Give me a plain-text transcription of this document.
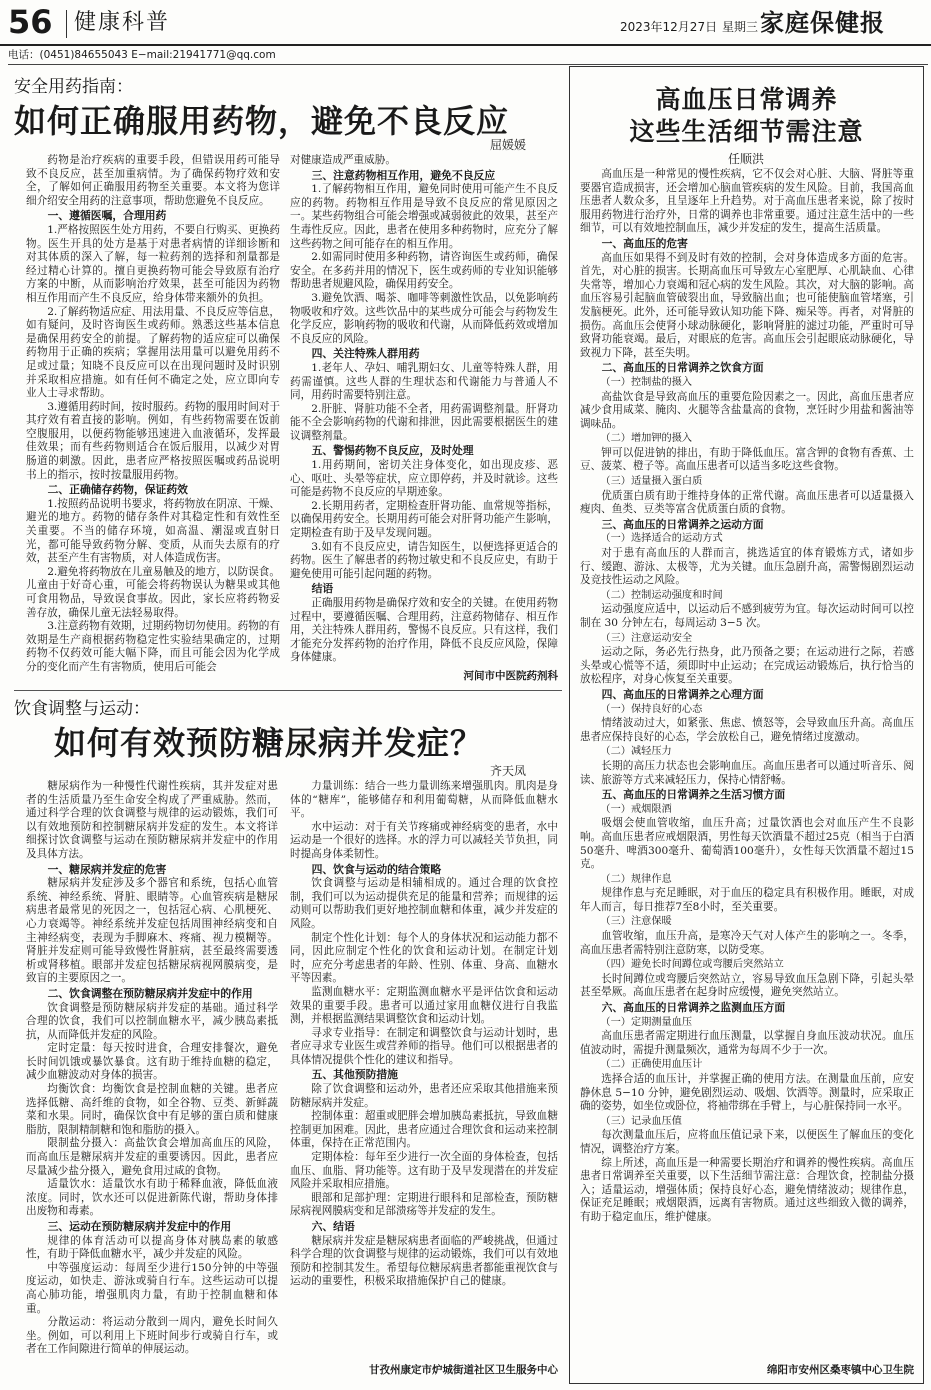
56 健康科普	2023年12月27日 星期三 家庭保健报
电话：(0451)84655043 E−mail:21941771@qq.com
安全用药指南：
如何正确服用药物，避免不良反应
屈媛媛

药物是治疗疾病的重要手段，但错误用药可能导致不良反应，甚至加重病情。为了确保药物疗效和安全，了解如何正确服用药物至关重要。本文将为您详细介绍安全用药的注意事项，帮助您避免不良反应。

一、遵循医嘱，合理用药

1.严格按照医生处方用药，不要自行购买、更换药物。医生开具的处方是基于对患者病情的详细诊断和对其体质的深入了解，每一粒药剂的选择和剂量都是经过精心计算的。擅自更换药物可能会导致原有治疗方案的中断，从而影响治疗效果，甚至可能因为药物相互作用而产生不良反应，给身体带来额外的负担。

2.了解药物适应症、用法用量、不良反应等信息，如有疑问，及时咨询医生或药师。熟悉这些基本信息是确保用药安全的前提。了解药物的适应症可以确保药物用于正确的疾病；掌握用法用量可以避免用药不足或过量；知晓不良反应可以在出现问题时及时识别并采取相应措施。如有任何不确定之处，应立即向专业人士寻求帮助。

3.遵循用药时间，按时服药。药物的服用时间对于其疗效有着直接的影响。例如，有些药物需要在饭前空腹服用，以便药物能够迅速进入血液循环，发挥最佳效果；而有些药物则适合在饭后服用，以减少对胃肠道的刺激。因此，患者应严格按照医嘱或药品说明书上的指示，按时按量服用药物。

二、正确储存药物，保证药效

1.按照药品说明书要求，将药物放在阴凉、干燥、避光的地方。药物的储存条件对其稳定性和有效性至关重要。不当的储存环境，如高温、潮湿或直射日光，都可能导致药物分解、变质，从而失去原有的疗效，甚至产生有害物质，对人体造成伤害。

2.避免将药物放在儿童易触及的地方，以防误食。儿童由于好奇心重，可能会将药物误认为糖果或其他可食用物品，导致误食事故。因此，家长应将药物妥善存放，确保儿童无法轻易取得。

3.注意药物有效期，过期药物切勿使用。药物的有效期是生产商根据药物稳定性实验结果确定的，过期药物不仅药效可能大幅下降，而且可能会因为化学成分的变化而产生有害物质，使用后可能会

对健康造成严重威胁。

三、注意药物相互作用，避免不良反应

1.了解药物相互作用，避免同时使用可能产生不良反应的药物。药物相互作用是导致不良反应的常见原因之一。某些药物组合可能会增强或减弱彼此的效果，甚至产生毒性反应。因此，患者在使用多种药物时，应充分了解这些药物之间可能存在的相互作用。

2.如需同时使用多种药物，请咨询医生或药师，确保安全。在多药并用的情况下，医生或药师的专业知识能够帮助患者规避风险，确保用药安全。

3.避免饮酒、喝茶、咖啡等刺激性饮品，以免影响药物吸收和疗效。这些饮品中的某些成分可能会与药物发生化学反应，影响药物的吸收和代谢，从而降低药效或增加不良反应的风险。

四、关注特殊人群用药

1.老年人、孕妇、哺乳期妇女、儿童等特殊人群，用药需谨慎。这些人群的生理状态和代谢能力与普通人不同，用药时需要特别注意。

2.肝脏、肾脏功能不全者，用药需调整剂量。肝肾功能不全会影响药物的代谢和排泄，因此需要根据医生的建议调整剂量。

五、警惕药物不良反应，及时处理

1.用药期间，密切关注身体变化，如出现皮疹、恶心、呕吐、头晕等症状，应立即停药，并及时就诊。这些可能是药物不良反应的早期迹象。

2.长期用药者，定期检查肝肾功能、血常规等指标，以确保用药安全。长期用药可能会对肝肾功能产生影响，定期检查有助于及早发现问题。

3.如有不良反应史，请告知医生，以便选择更适合的药物。医生了解患者的药物过敏史和不良反应史，有助于避免使用可能引起问题的药物。

结语

正确服用药物是确保疗效和安全的关键。在使用药物过程中，要遵循医嘱、合理用药，注意药物储存、相互作用，关注特殊人群用药，警惕不良反应。只有这样，我们才能充分发挥药物的治疗作用，降低不良反应风险，保障身体健康。

河间市中医院药剂科
饮食调整与运动：
如何有效预防糖尿病并发症？
齐天凤

糖尿病作为一种慢性代谢性疾病，其并发症对患者的生活质量乃至生命安全构成了严重威胁。然而，通过科学合理的饮食调整与规律的运动锻炼，我们可以有效地预防和控制糖尿病并发症的发生。本文将详细探讨饮食调整与运动在预防糖尿病并发症中的作用及具体方法。

一、糖尿病并发症的危害

糖尿病并发症涉及多个器官和系统，包括心血管系统、神经系统、肾脏、眼睛等。心血管疾病是糖尿病患者最常见的死因之一，包括冠心病、心肌梗死、心力衰竭等。神经系统并发症包括周围神经病变和自主神经病变，表现为手脚麻木、疼痛、视力模糊等。肾脏并发症则可能导致慢性肾脏病，甚至最终需要透析或肾移植。眼部并发症包括糖尿病视网膜病变，是致盲的主要原因之一。

二、饮食调整在预防糖尿病并发症中的作用

饮食调整是预防糖尿病并发症的基础。通过科学合理的饮食，我们可以控制血糖水平，减少胰岛素抵抗，从而降低并发症的风险。

定时定量：每天按时进食，合理安排餐次，避免长时间饥饿或暴饮暴食。这有助于维持血糖的稳定，减少血糖波动对身体的损害。

均衡饮食：均衡饮食是控制血糖的关键。患者应选择低糖、高纤维的食物，如全谷物、豆类、新鲜蔬菜和水果。同时，确保饮食中有足够的蛋白质和健康脂肪，限制精制糖和饱和脂肪的摄入。

限制盐分摄入：高盐饮食会增加高血压的风险，而高血压是糖尿病并发症的重要诱因。因此，患者应尽量减少盐分摄入，避免食用过咸的食物。

适量饮水：适量饮水有助于稀释血液，降低血液浓度。同时，饮水还可以促进新陈代谢，帮助身体排出废物和毒素。

三、运动在预防糖尿病并发症中的作用

规律的体育活动可以提高身体对胰岛素的敏感性，有助于降低血糖水平，减少并发症的风险。

中等强度运动：每周至少进行150分钟的中等强度运动，如快走、游泳或骑自行车。这些运动可以提高心肺功能，增强肌肉力量，有助于控制血糖和体重。

分散运动：将运动分散到一周内，避免长时间久坐。例如，可以利用上下班时间步行或骑自行车，或者在工作间隙进行简单的伸展运动。

力量训练：结合一些力量训练来增强肌肉。肌肉是身体的“糖库”，能够储存和利用葡萄糖，从而降低血糖水平。

水中运动：对于有关节疼痛或神经病变的患者，水中运动是一个很好的选择。水的浮力可以减轻关节负担，同时提高身体柔韧性。

四、饮食与运动的结合策略

饮食调整与运动是相辅相成的。通过合理的饮食控制，我们可以为运动提供充足的能量和营养；而规律的运动则可以帮助我们更好地控制血糖和体重，减少并发症的风险。

制定个性化计划：每个人的身体状况和运动能力都不同，因此应制定个性化的饮食和运动计划。在制定计划时，应充分考虑患者的年龄、性别、体重、身高、血糖水平等因素。

监测血糖水平：定期监测血糖水平是评估饮食和运动效果的重要手段。患者可以通过家用血糖仪进行自我监测，并根据监测结果调整饮食和运动计划。

寻求专业指导：在制定和调整饮食与运动计划时，患者应寻求专业医生或营养师的指导。他们可以根据患者的具体情况提供个性化的建议和指导。

五、其他预防措施

除了饮食调整和运动外，患者还应采取其他措施来预防糖尿病并发症。

控制体重：超重或肥胖会增加胰岛素抵抗，导致血糖控制更加困难。因此，患者应通过合理饮食和运动来控制体重，保持在正常范围内。

定期体检：每年至少进行一次全面的身体检查，包括血压、血脂、肾功能等。这有助于及早发现潜在的并发症风险并采取相应措施。

眼部和足部护理：定期进行眼科和足部检查，预防糖尿病视网膜病变和足部溃疡等并发症的发生。

六、结语

糖尿病并发症是糖尿病患者面临的严峻挑战，但通过科学合理的饮食调整与规律的运动锻炼，我们可以有效地预防和控制其发生。希望每位糖尿病患者都能重视饮食与运动的重要性，积极采取措施保护自己的健康。

甘孜州康定市炉城街道社区卫生服务中心
高血压日常调养
这些生活细节需注意
任顺洪

高血压是一种常见的慢性疾病，它不仅会对心脏、大脑、肾脏等重要器官造成损害，还会增加心脑血管疾病的发生风险。目前，我国高血压患者人数众多，且呈逐年上升趋势。对于高血压患者来说，除了按时服用药物进行治疗外，日常的调养也非常重要。通过注意生活中的一些细节，可以有效地控制血压，减少并发症的发生，提高生活质量。

一、高血压的危害

高血压如果得不到及时有效的控制，会对身体造成多方面的危害。首先，对心脏的损害。长期高血压可导致左心室肥厚、心肌缺血、心律失常等，增加心力衰竭和冠心病的发生风险。其次，对大脑的影响。高血压容易引起脑血管破裂出血，导致脑出血；也可能使脑血管堵塞，引发脑梗死。此外，还可能导致认知功能下降、痴呆等。再者，对肾脏的损伤。高血压会使肾小球动脉硬化，影响肾脏的滤过功能，严重时可导致肾功能衰竭。最后，对眼底的危害。高血压会引起眼底动脉硬化，导致视力下降，甚至失明。

二、高血压的日常调养之饮食方面
（一）控制盐的摄入

高盐饮食是导致高血压的重要危险因素之一。因此，高血压患者应减少食用咸菜、腌肉、火腿等含盐量高的食物，烹饪时少用盐和酱油等调味品。

（二）增加钾的摄入

钾可以促进钠的排出，有助于降低血压。富含钾的食物有香蕉、土豆、菠菜、橙子等。高血压患者可以适当多吃这些食物。

（三）适量摄入蛋白质

优质蛋白质有助于维持身体的正常代谢。高血压患者可以适量摄入瘦肉、鱼类、豆类等富含优质蛋白质的食物。

三、高血压的日常调养之运动方面
（一）选择适合的运动方式

对于患有高血压的人群而言，挑选适宜的体育锻炼方式，诸如步行、缓跑、游泳、太极等，尤为关键。血压急剧升高，需警惕剧烈运动及竞技性运动之风险。

（二）控制运动强度和时间

运动强度应适中，以运动后不感到疲劳为宜。每次运动时间可以控制在 30 分钟左右，每周运动 3−5 次。

（三）注意运动安全

运动之际，务必先行热身，此乃预备之要；在运动进行之际，若感头晕或心慌等不适，须即时中止运动；在完成运动锻炼后，执行恰当的放松程序，对身心恢复至关重要。

四、高血压的日常调养之心理方面
（一）保持良好的心态

情绪波动过大，如紧张、焦虑、愤怒等，会导致血压升高。高血压患者应保持良好的心态，学会放松自己，避免情绪过度激动。

（二）减轻压力

长期的高压力状态也会影响血压。高血压患者可以通过听音乐、阅读、旅游等方式来减轻压力，保持心情舒畅。

五、高血压的日常调养之生活习惯方面
（一）戒烟限酒

吸烟会使血管收缩，血压升高；过量饮酒也会对血压产生不良影响。高血压患者应戒烟限酒，男性每天饮酒量不超过25克（相当于白酒50毫升、啤酒300毫升、葡萄酒100毫升），女性每天饮酒量不超过15克。

（二）规律作息

规律作息与充足睡眠，对于血压的稳定具有积极作用。睡眠，对成年人而言，每日推荐7至8小时，至关重要。

（三）注意保暖

血管收缩，血压升高，是寒冷天气对人体产生的影响之一。冬季，高血压患者需特别注意防寒，以防受寒。

（四）避免长时间蹲位或弯腰后突然站立

长时间蹲位或弯腰后突然站立，容易导致血压急剧下降，引起头晕甚至晕厥。高血压患者在起身时应缓慢，避免突然站立。

六、高血压的日常调养之监测血压方面
（一）定期测量血压

高血压患者需定期进行血压测量，以掌握自身血压波动状况。血压值波动时，需提升测量频次，通常为每周不少于一次。

（二）正确使用血压计

选择合适的血压计，并掌握正确的使用方法。在测量血压前，应安静休息 5−10 分钟，避免剧烈运动、吸烟、饮酒等。测量时，应采取正确的姿势，如坐位或卧位，将袖带绑在手臂上，与心脏保持同一水平。

（三）记录血压值

每次测量血压后，应将血压值记录下来，以便医生了解血压的变化情况，调整治疗方案。

综上所述，高血压是一种需要长期治疗和调养的慢性疾病。高血压患者日常调养至关重要，以下生活细节需注意：合理饮食，控制盐分摄入；适量运动，增强体质；保持良好心态，避免情绪波动；规律作息，保证充足睡眠；戒烟限酒，远离有害物质。通过这些细致入微的调养，有助于稳定血压，维护健康。

绵阳市安州区桑枣镇中心卫生院
